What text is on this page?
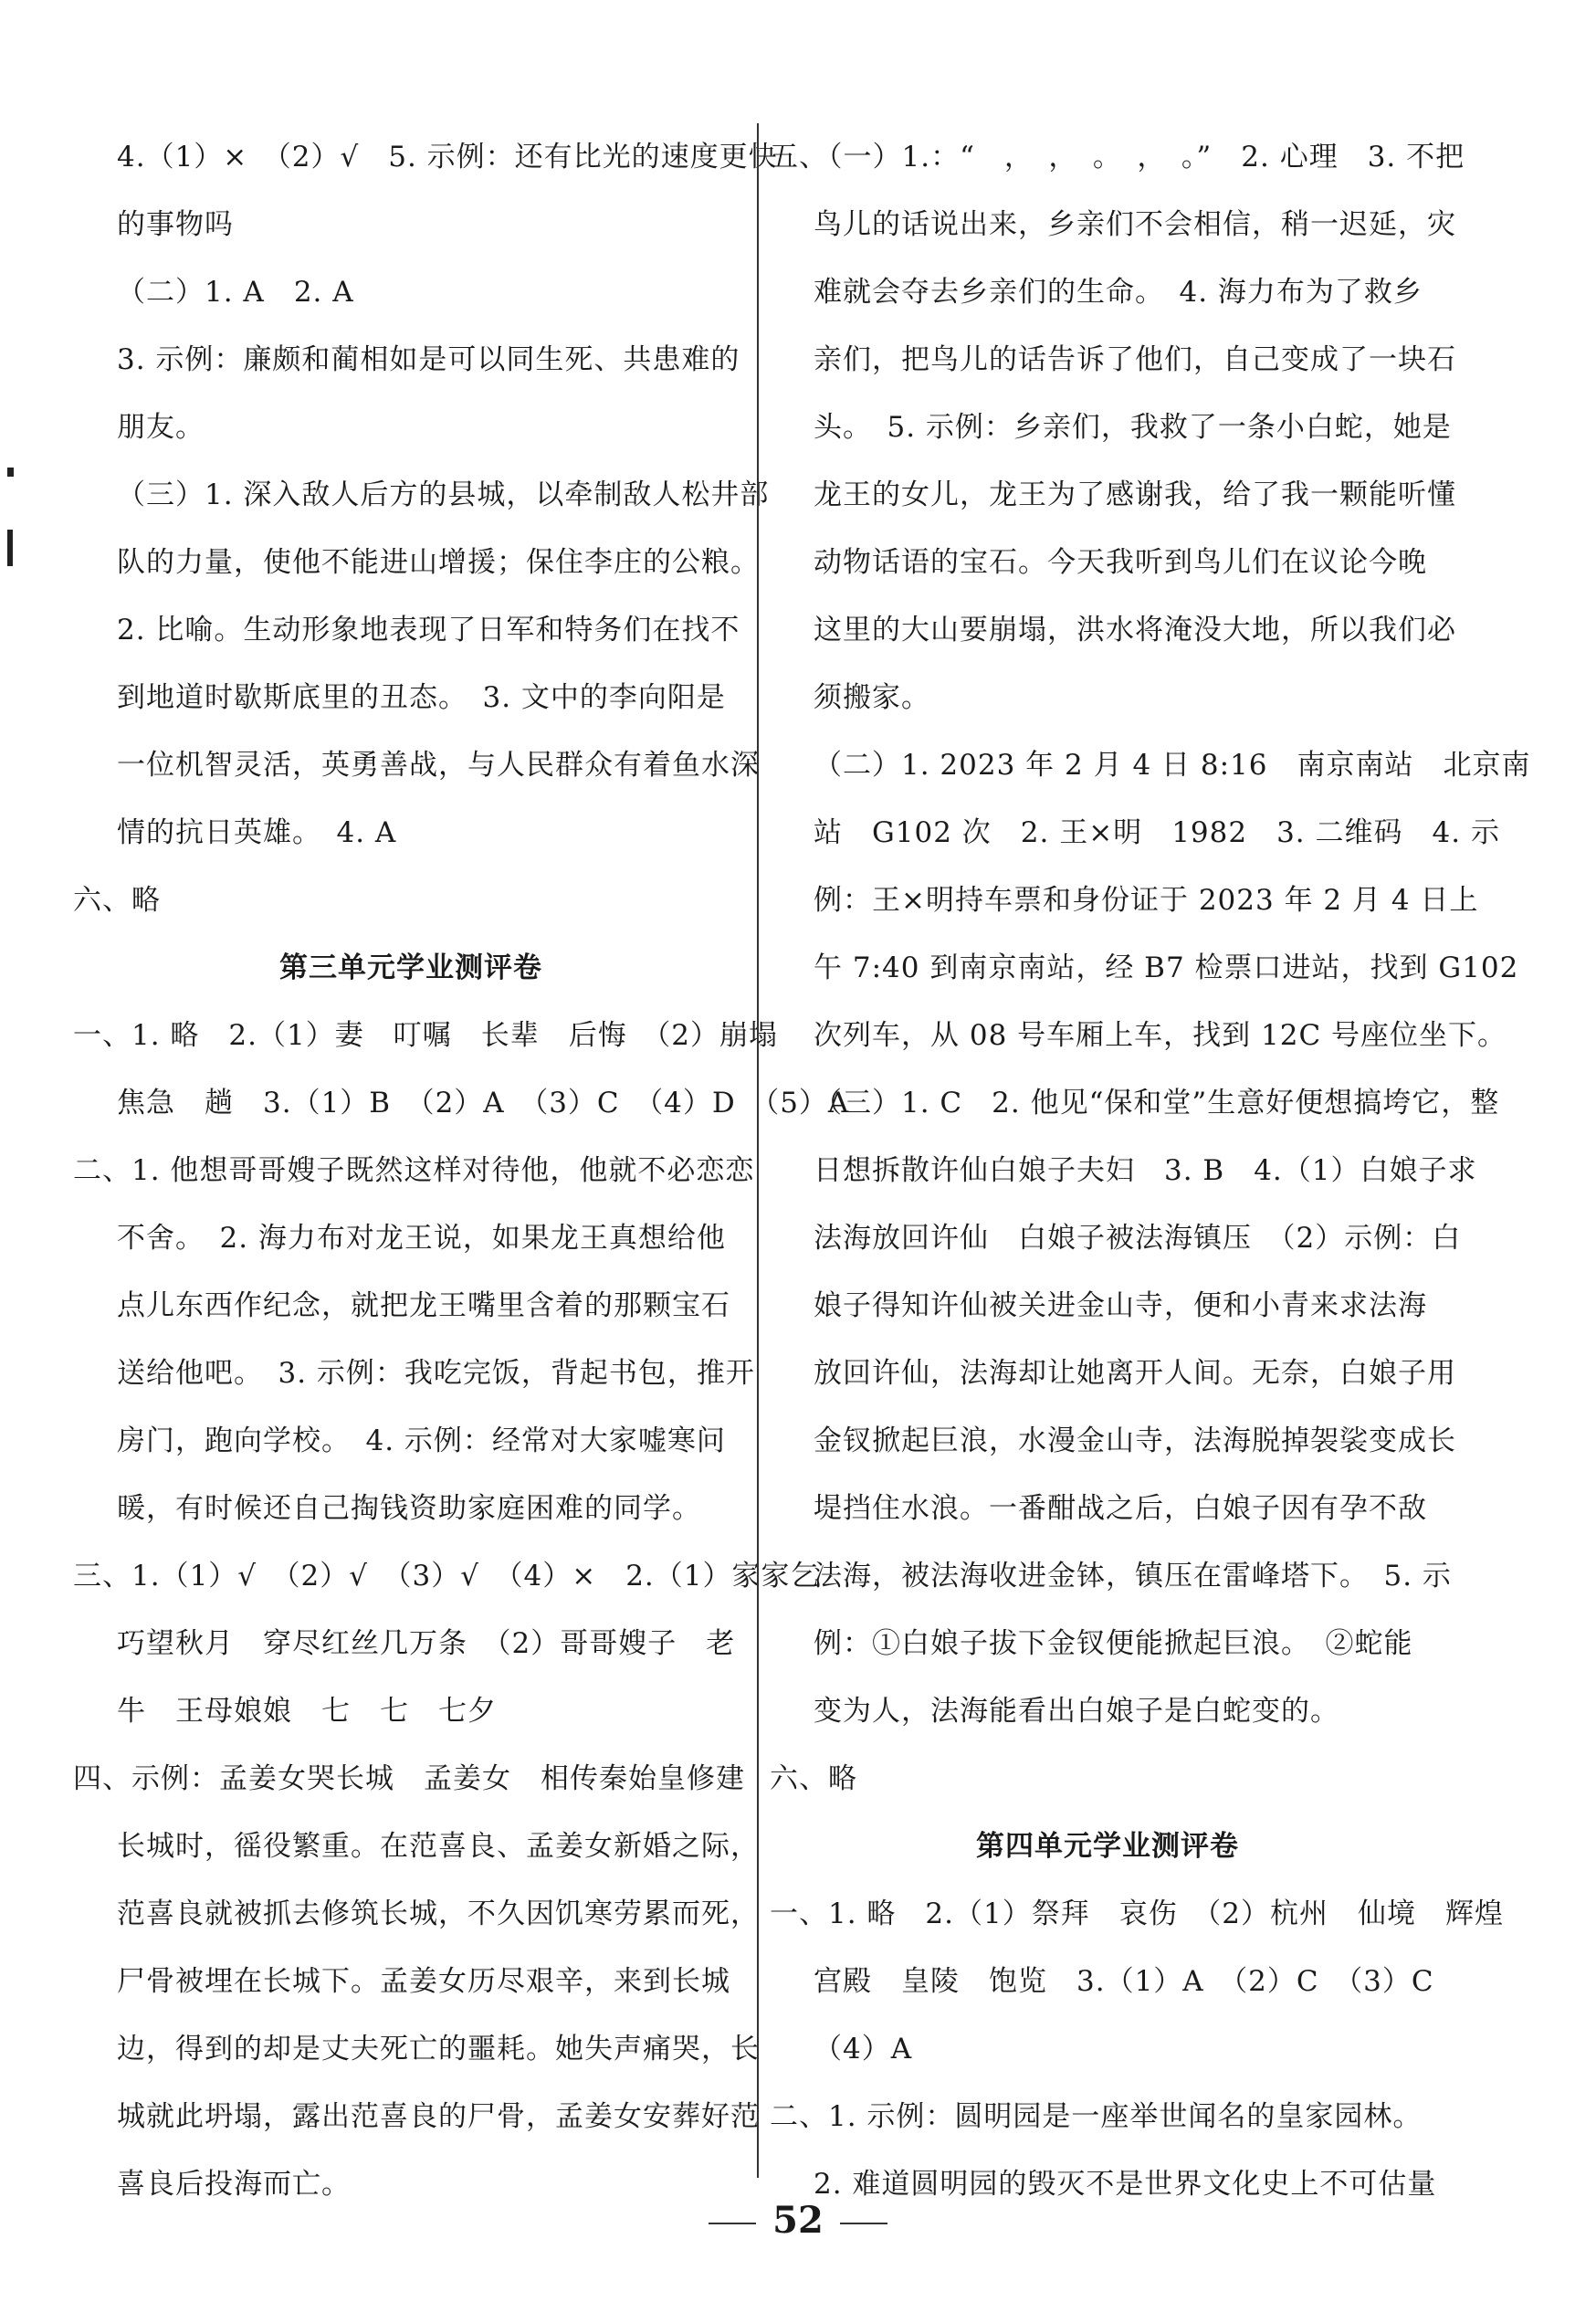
4.（1）×　（2）√　5. 示例：还有比光的速度更快
的事物吗
（二）1. A　2. A
3. 示例：廉颇和蔺相如是可以同生死、共患难的
朋友。
（三）1. 深入敌人后方的县城，以牵制敌人松井部
队的力量，使他不能进山增援；保住李庄的公粮。
2. 比喻。生动形象地表现了日军和特务们在找不
到地道时歇斯底里的丑态。　3. 文中的李向阳是
一位机智灵活，英勇善战，与人民群众有着鱼水深
情的抗日英雄。　4. A
六、略
第三单元学业测评卷
一、1. 略　2.（1）妻　叮嘱　长辈　后悔　（2）崩塌
焦急　趟　3.（1）B　（2）A　（3）C　（4）D　（5）A
二、1. 他想哥哥嫂子既然这样对待他，他就不必恋恋
不舍。　2. 海力布对龙王说，如果龙王真想给他
点儿东西作纪念，就把龙王嘴里含着的那颗宝石
送给他吧。　3. 示例：我吃完饭，背起书包，推开
房门，跑向学校。　4. 示例：经常对大家嘘寒问
暖，有时候还自己掏钱资助家庭困难的同学。
三、1.（1）√　（2）√　（3）√　（4）×　2.（1）家家乞
巧望秋月　穿尽红丝几万条　（2）哥哥嫂子　老
牛　王母娘娘　七　七　七夕
四、示例：孟姜女哭长城　孟姜女　相传秦始皇修建
长城时，徭役繁重。在范喜良、孟姜女新婚之际，
范喜良就被抓去修筑长城，不久因饥寒劳累而死，
尸骨被埋在长城下。孟姜女历尽艰辛，来到长城
边，得到的却是丈夫死亡的噩耗。她失声痛哭，长
城就此坍塌，露出范喜良的尸骨，孟姜女安葬好范
喜良后投海而亡。
五、（一）1.：“　，　，　。　，　。”　2. 心理　3. 不把
鸟儿的话说出来，乡亲们不会相信，稍一迟延，灾
难就会夺去乡亲们的生命。　4. 海力布为了救乡
亲们，把鸟儿的话告诉了他们，自己变成了一块石
头。　5. 示例：乡亲们，我救了一条小白蛇，她是
龙王的女儿，龙王为了感谢我，给了我一颗能听懂
动物话语的宝石。今天我听到鸟儿们在议论今晚
这里的大山要崩塌，洪水将淹没大地，所以我们必
须搬家。
（二）1. 2023 年 2 月 4 日 8:16　南京南站　北京南
站　G102 次　2. 王×明　1982　3. 二维码　4. 示
例：王×明持车票和身份证于 2023 年 2 月 4 日上
午 7:40 到南京南站，经 B7 检票口进站，找到 G102
次列车，从 08 号车厢上车，找到 12C 号座位坐下。
（三）1. C　2. 他见“保和堂”生意好便想搞垮它，整
日想拆散许仙白娘子夫妇　3. B　4.（1）白娘子求
法海放回许仙　白娘子被法海镇压　（2）示例：白
娘子得知许仙被关进金山寺，便和小青来求法海
放回许仙，法海却让她离开人间。无奈，白娘子用
金钗掀起巨浪，水漫金山寺，法海脱掉袈裟变成长
堤挡住水浪。一番酣战之后，白娘子因有孕不敌
法海，被法海收进金钵，镇压在雷峰塔下。　5. 示
例：①白娘子拔下金钗便能掀起巨浪。　②蛇能
变为人，法海能看出白娘子是白蛇变的。
六、略
第四单元学业测评卷
一、1. 略　2.（1）祭拜　哀伤　（2）杭州　仙境　辉煌
宫殿　皇陵　饱览　3.（1）A　（2）C　（3）C
（4）A
二、1. 示例：圆明园是一座举世闻名的皇家园林。
2. 难道圆明园的毁灭不是世界文化史上不可估量
52
